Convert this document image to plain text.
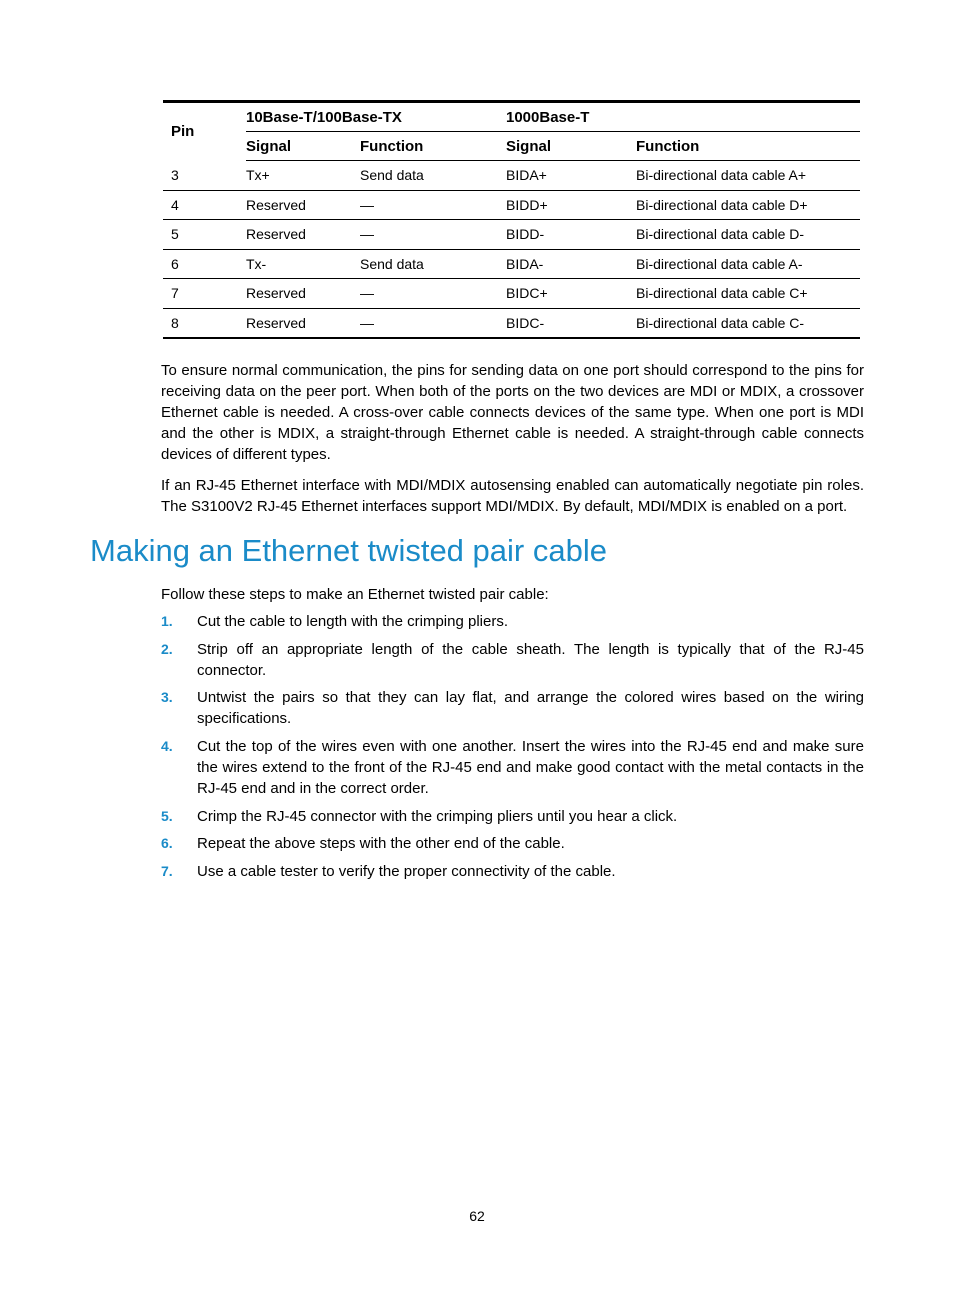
Pin	10Base-T/100Base-TX		1000Base-T	
	Signal	Function	Signal	Function
3	Tx+	Send data	BIDA+	Bi-directional data cable A+
4	Reserved	—	BIDD+	Bi-directional data cable D+
5	Reserved	—	BIDD-	Bi-directional data cable D-
6	Tx-	Send data	BIDA-	Bi-directional data cable A-
7	Reserved	—	BIDC+	Bi-directional data cable C+
8	Reserved	—	BIDC-	Bi-directional data cable C-

To ensure normal communication, the pins for sending data on one port should correspond to the pins for receiving data on the peer port. When both of the ports on the two devices are MDI or MDIX, a crossover Ethernet cable is needed. A cross-over cable connects devices of the same type. When one port is MDI and the other is MDIX, a straight-through Ethernet cable is needed. A straight-through cable connects devices of different types.

If an RJ-45 Ethernet interface with MDI/MDIX autosensing enabled can automatically negotiate pin roles. The S3100V2 RJ-45 Ethernet interfaces support MDI/MDIX. By default, MDI/MDIX is enabled on a port.

Making an Ethernet twisted pair cable

Follow these steps to make an Ethernet twisted pair cable:

1. Cut the cable to length with the crimping pliers.
2. Strip off an appropriate length of the cable sheath. The length is typically that of the RJ-45 connector.
3. Untwist the pairs so that they can lay flat, and arrange the colored wires based on the wiring specifications.
4. Cut the top of the wires even with one another. Insert the wires into the RJ-45 end and make sure the wires extend to the front of the RJ-45 end and make good contact with the metal contacts in the RJ-45 end and in the correct order.
5. Crimp the RJ-45 connector with the crimping pliers until you hear a click.
6. Repeat the above steps with the other end of the cable.
7. Use a cable tester to verify the proper connectivity of the cable.
62
